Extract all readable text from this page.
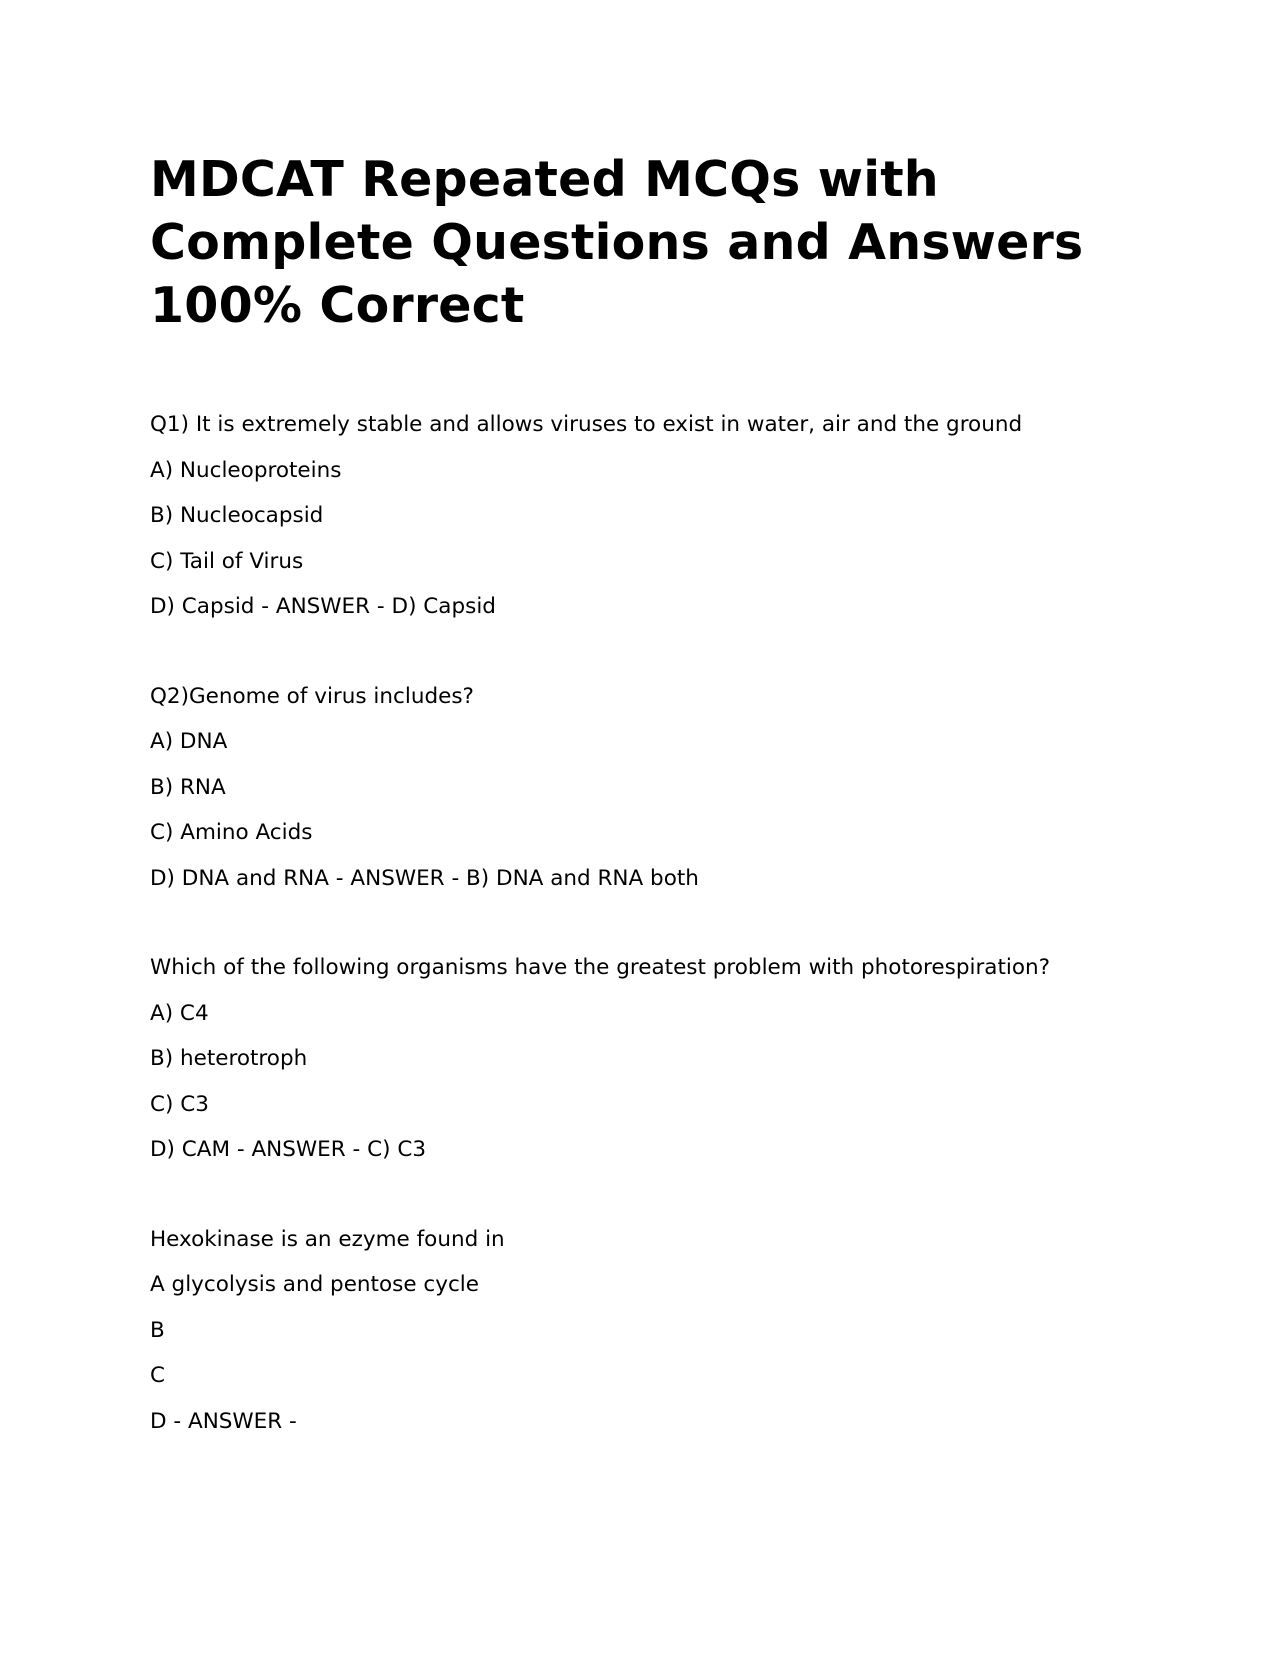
MDCAT Repeated MCQs with Complete Questions and Answers 100% Correct
Q1) It is extremely stable and allows viruses to exist in water, air and the ground
A) Nucleoproteins
B) Nucleocapsid
C) Tail of Virus
D) Capsid - ANSWER - D) Capsid
Q2)Genome of virus includes?
A) DNA
B) RNA
C) Amino Acids
D) DNA and RNA - ANSWER - B) DNA and RNA both
Which of the following organisms have the greatest problem with photorespiration?
A) C4
B) heterotroph
C) C3
D) CAM - ANSWER - C) C3
Hexokinase is an ezyme found in
A glycolysis and pentose cycle
B
C
D - ANSWER -
